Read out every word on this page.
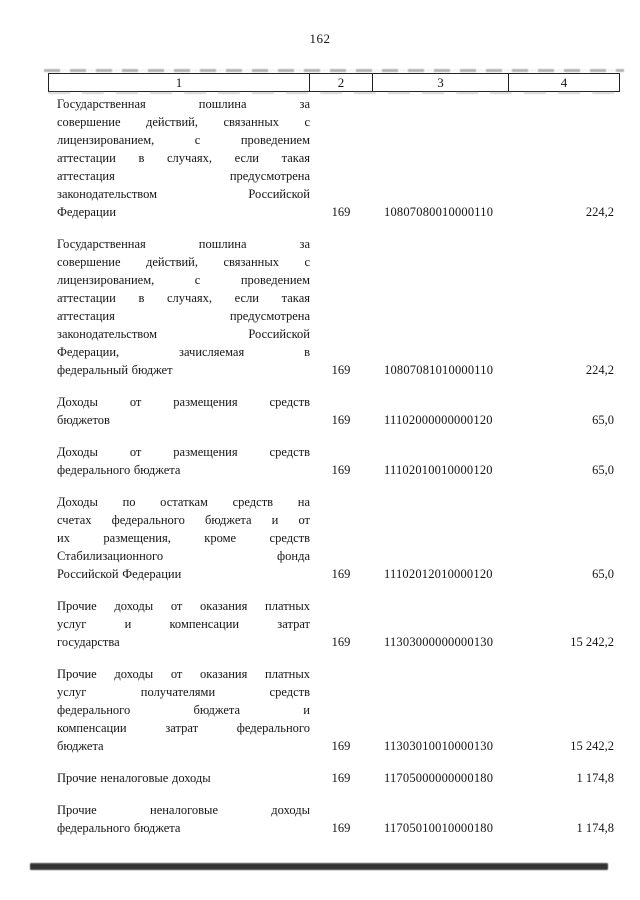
162
1	2	3	4
Государственная пошлина за
совершение действий, связанных с
лицензированием, с проведением
аттестации в случаях, если такая
аттестация предусмотрена
законодательством Российской
Федерации	169	10807080010000110	224,2
Государственная пошлина за
совершение действий, связанных с
лицензированием, с проведением
аттестации в случаях, если такая
аттестация предусмотрена
законодательством Российской
Федерации, зачисляемая в
федеральный бюджет	169	10807081010000110	224,2
Доходы от размещения средств
бюджетов	169	11102000000000120	65,0
Доходы от размещения средств
федерального бюджета	169	11102010010000120	65,0
Доходы по остаткам средств на
счетах федерального бюджета и от
их размещения, кроме средств
Стабилизационного фонда
Российской Федерации	169	11102012010000120	65,0
Прочие доходы от оказания платных
услуг и компенсации затрат
государства	169	11303000000000130	15 242,2
Прочие доходы от оказания платных
услуг получателями средств
федерального бюджета и
компенсации затрат федерального
бюджета	169	11303010010000130	15 242,2
Прочие неналоговые доходы	169	11705000000000180	1 174,8
Прочие неналоговые доходы
федерального бюджета	169	11705010010000180	1 174,8
